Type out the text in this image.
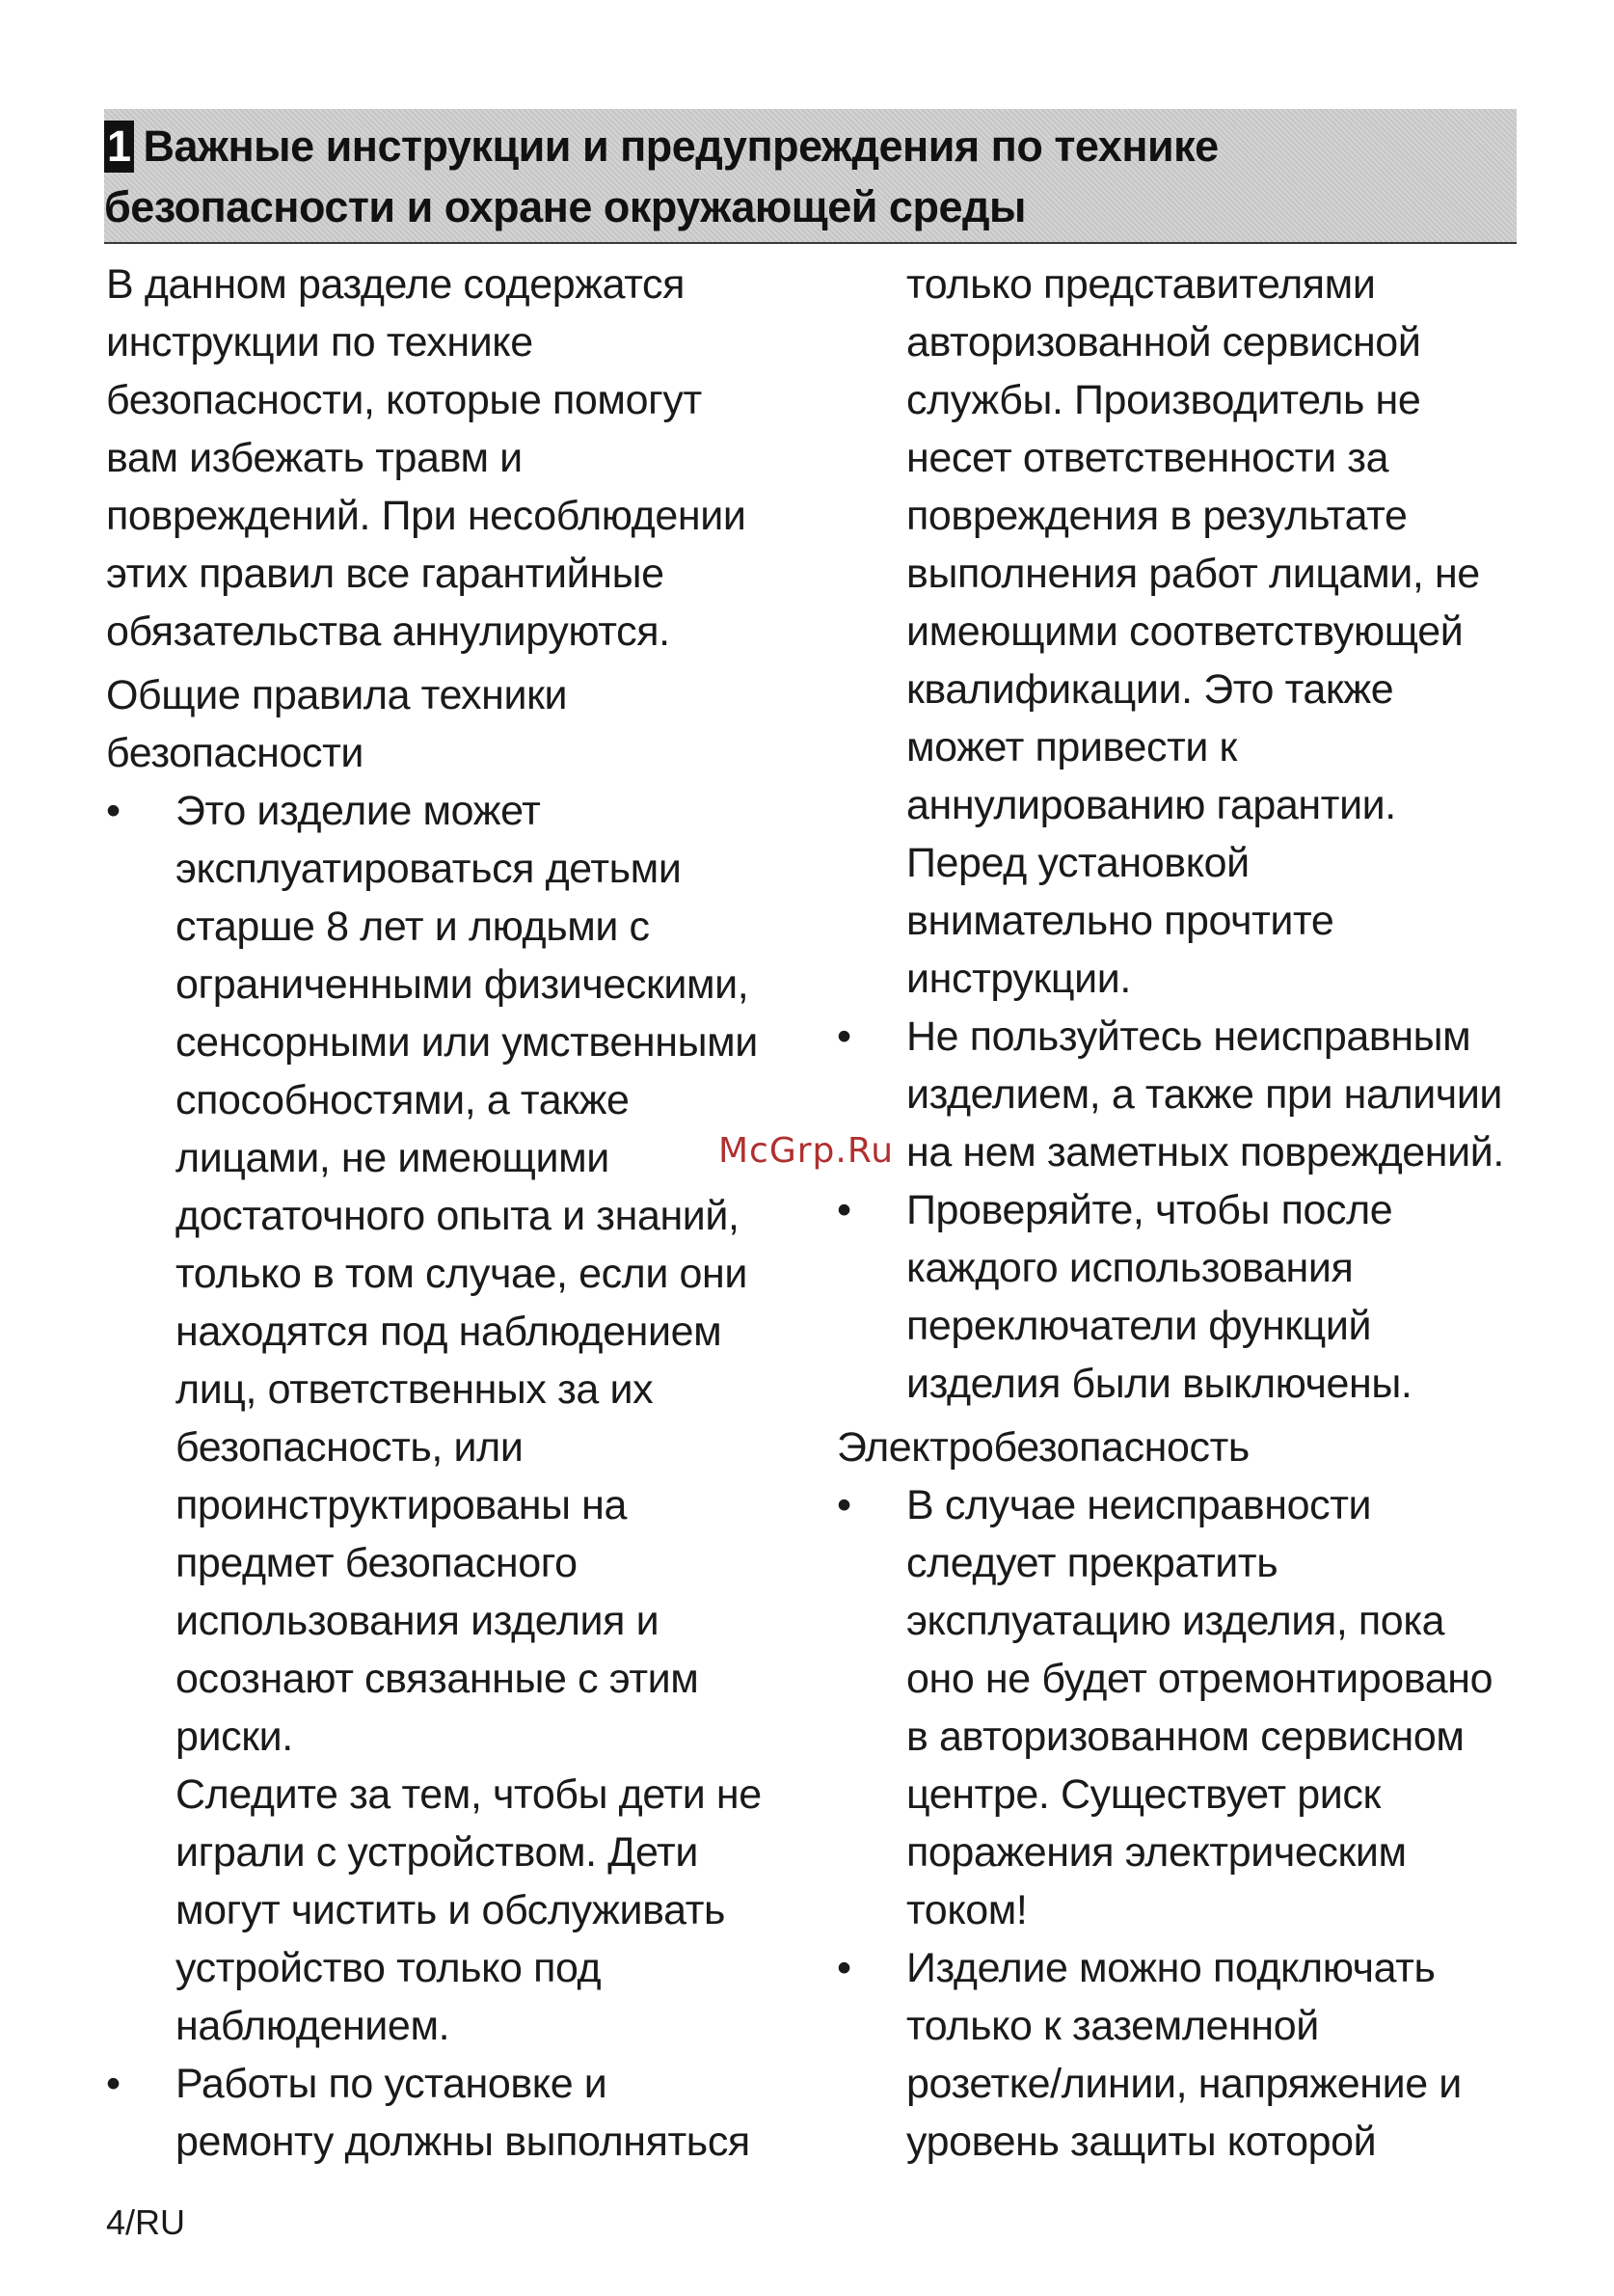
1 Важные инструкции и предупреждения по технике
безопасности и охране окружающей среды

В данном разделе содержатся
инструкции по технике
безопасности, которые помогут
вам избежать травм и
повреждений. При несоблюдении
этих правил все гарантийные
обязательства аннулируются.

Общие правила техники
безопасности

• Это изделие может
эксплуатироваться детьми
старше 8 лет и людьми с
ограниченными физическими,
сенсорными или умственными
способностями, а также
лицами, не имеющими
достаточного опыта и знаний,
только в том случае, если они
находятся под наблюдением
лиц, ответственных за их
безопасность, или
проинструктированы на
предмет безопасного
использования изделия и
осознают связанные с этим
риски.
Следите за тем, чтобы дети не
играли с устройством. Дети
могут чистить и обслуживать
устройство только под
наблюдением.
• Работы по установке и
ремонту должны выполняться
только представителями
авторизованной сервисной
службы. Производитель не
несет ответственности за
повреждения в результате
выполнения работ лицами, не
имеющими соответствующей
квалификации. Это также
может привести к
аннулированию гарантии.
Перед установкой
внимательно прочтите
инструкции.
• Не пользуйтесь неисправным
изделием, а также при наличии
на нем заметных повреждений.
• Проверяйте, чтобы после
каждого использования
переключатели функций
изделия были выключены.

Электробезопасность

• В случае неисправности
следует прекратить
эксплуатацию изделия, пока
оно не будет отремонтировано
в авторизованном сервисном
центре. Существует риск
поражения электрическим
током!
• Изделие можно подключать
только к заземленной
розетке/линии, напряжение и
уровень защиты которой
McGrp.Ru
4/RU
